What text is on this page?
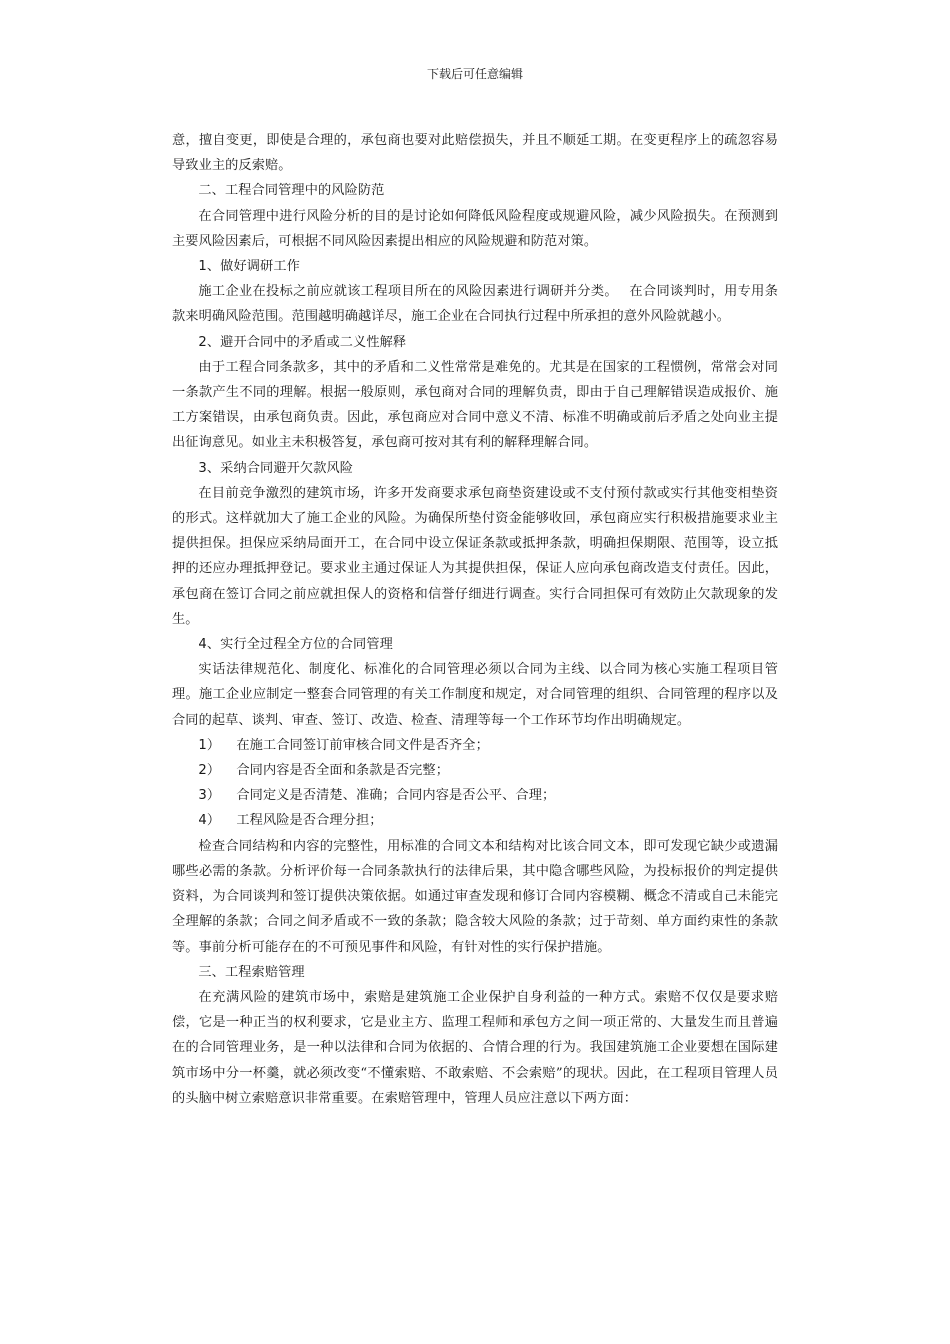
下载后可任意编辑

意，擅自变更，即使是合理的，承包商也要对此赔偿损失，并且不顺延工期。在变更程序上的疏忽容易导致业主的反索赔。

二、工程合同管理中的风险防范

在合同管理中进行风险分析的目的是讨论如何降低风险程度或规避风险，减少风险损失。在预测到主要风险因素后，可根据不同风险因素提出相应的风险规避和防范对策。

1、做好调研工作

施工企业在投标之前应就该工程项目所在的风险因素进行调研并分类。　 在合同谈判时，用专用条款来明确风险范围。范围越明确越详尽，施工企业在合同执行过程中所承担的意外风险就越小。

2、避开合同中的矛盾或二义性解释

由于工程合同条款多，其中的矛盾和二义性常常是难免的。尤其是在国家的工程惯例，常常会对同一条款产生不同的理解。根据一般原则，承包商对合同的理解负责，即由于自己理解错误造成报价、施工方案错误，由承包商负责。因此，承包商应对合同中意义不清、标准不明确或前后矛盾之处向业主提出征询意见。如业主未积极答复，承包商可按对其有利的解释理解合同。

3、采纳合同避开欠款风险

在目前竞争激烈的建筑市场，许多开发商要求承包商垫资建设或不支付预付款或实行其他变相垫资的形式。这样就加大了施工企业的风险。为确保所垫付资金能够收回，承包商应实行积极措施要求业主提供担保。担保应采纳局面开工，在合同中设立保证条款或抵押条款，明确担保期限、范围等，设立抵押的还应办理抵押登记。要求业主通过保证人为其提供担保，保证人应向承包商改造支付责任。因此，承包商在签订合同之前应就担保人的资格和信誉仔细进行调查。实行合同担保可有效防止欠款现象的发生。

4、实行全过程全方位的合同管理

实话法律规范化、制度化、标准化的合同管理必须以合同为主线、以合同为核心实施工程项目管理。施工企业应制定一整套合同管理的有关工作制度和规定，对合同管理的组织、合同管理的程序以及合同的起草、谈判、审查、签订、改造、检查、清理等每一个工作环节均作出明确规定。

1） 在施工合同签订前审核合同文件是否齐全；

2） 合同内容是否全面和条款是否完整；

3） 合同定义是否清楚、准确；合同内容是否公平、合理；

4） 工程风险是否合理分担；

检查合同结构和内容的完整性，用标准的合同文本和结构对比该合同文本，即可发现它缺少或遗漏哪些必需的条款。分析评价每一合同条款执行的法律后果，其中隐含哪些风险，为投标报价的判定提供资料，为合同谈判和签订提供决策依据。如通过审查发现和修订合同内容模糊、概念不清或自己未能完全理解的条款；合同之间矛盾或不一致的条款；隐含较大风险的条款；过于苛刻、单方面约束性的条款等。事前分析可能存在的不可预见事件和风险，有针对性的实行保护措施。

三、工程索赔管理

在充满风险的建筑市场中，索赔是建筑施工企业保护自身利益的一种方式。索赔不仅仅是要求赔偿，它是一种正当的权利要求，它是业主方、监理工程师和承包方之间一项正常的、大量发生而且普遍在的合同管理业务，是一种以法律和合同为依据的、合情合理的行为。我国建筑施工企业要想在国际建筑市场中分一杯羹，就必须改变“不懂索赔、不敢索赔、不会索赔”的现状。因此，在工程项目管理人员的头脑中树立索赔意识非常重要。在索赔管理中，管理人员应注意以下两方面：
